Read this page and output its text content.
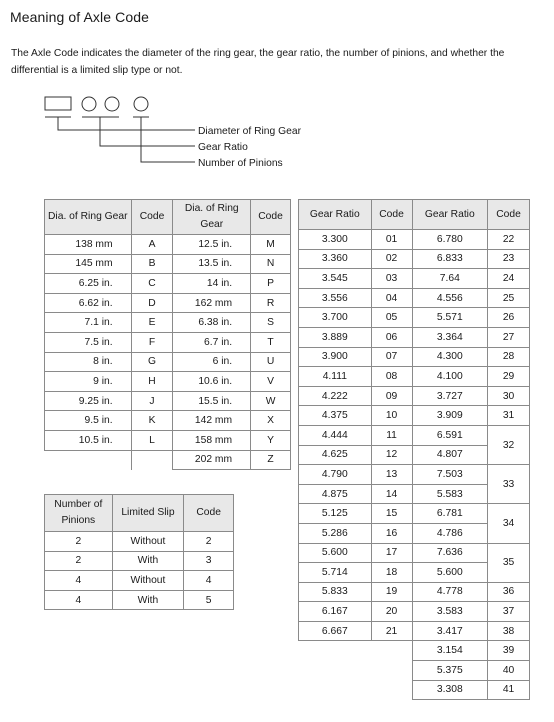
Meaning of Axle Code
The Axle Code indicates the diameter of the ring gear, the gear ratio, the number of pinions, and whether the differential is a limited slip type or not.
Diameter of Ring Gear
Gear Ratio
Number of Pinions
Dia. of Ring Gear	Code	Dia. of Ring Gear	Code
138 mm	A	12.5 in.	M
145 mm	B	13.5 in.	N
6.25 in.	C	14 in.	P
6.62 in.	D	162 mm	R
7.1 in.	E	6.38 in.	S
7.5 in.	F	6.7 in.	T
8 in.	G	6 in.	U
9 in.	H	10.6 in.	V
9.25 in.	J	15.5 in.	W
9.5 in.	K	142 mm	X
10.5 in.	L	158 mm	Y
		202 mm	Z
Number of Pinions	Limited Slip	Code
2	Without	2
2	With	3
4	Without	4
4	With	5
Gear Ratio	Code	Gear Ratio	Code
3.300	01	6.780	22
3.360	02	6.833	23
3.545	03	7.64	24
3.556	04	4.556	25
3.700	05	5.571	26
3.889	06	3.364	27
3.900	07	4.300	28
4.111	08	4.100	29
4.222	09	3.727	30
4.375	10	3.909	31
4.444	11	6.591	32
4.625	12	4.807	
4.790	13	7.503	33
4.875	14	5.583	
5.125	15	6.781	34
5.286	16	4.786	
5.600	17	7.636	35
5.714	18	5.600	
5.833	19	4.778	36
6.167	20	3.583	37
6.667	21	3.417	38
		3.154	39
		5.375	40
		3.308	41
